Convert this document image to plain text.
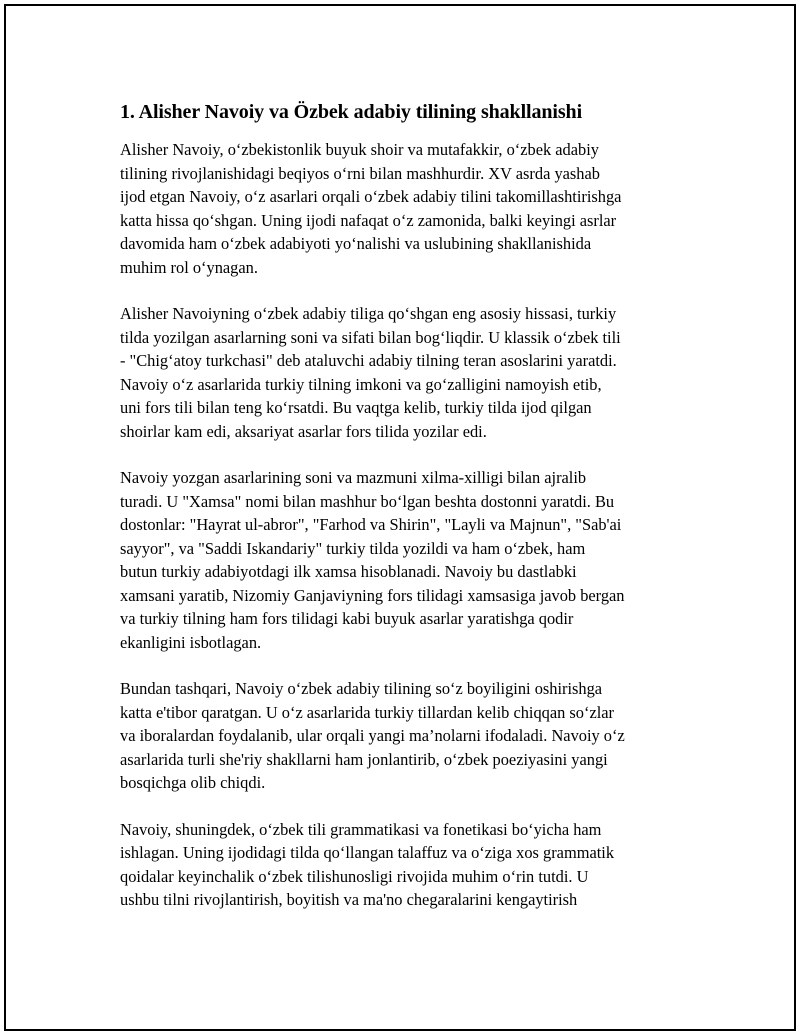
1. Alisher Navoiy va Özbek adabiy tilining shakllanishi

Alisher Navoiy, o‘zbekistonlik buyuk shoir va mutafakkir, o‘zbek adabiy
tilining rivojlanishidagi beqiyos o‘rni bilan mashhurdir. XV asrda yashab
ijod etgan Navoiy, o‘z asarlari orqali o‘zbek adabiy tilini takomillashtirishga
katta hissa qo‘shgan. Uning ijodi nafaqat o‘z zamonida, balki keyingi asrlar
davomida ham o‘zbek adabiyoti yo‘nalishi va uslubining shakllanishida
muhim rol o‘ynagan.

Alisher Navoiyning o‘zbek adabiy tiliga qo‘shgan eng asosiy hissasi, turkiy
tilda yozilgan asarlarning soni va sifati bilan bog‘liqdir. U klassik o‘zbek tili
- "Chig‘atoy turkchasi" deb ataluvchi adabiy tilning teran asoslarini yaratdi.
Navoiy o‘z asarlarida turkiy tilning imkoni va go‘zalligini namoyish etib,
uni fors tili bilan teng ko‘rsatdi. Bu vaqtga kelib, turkiy tilda ijod qilgan
shoirlar kam edi, aksariyat asarlar fors tilida yozilar edi.

Navoiy yozgan asarlarining soni va mazmuni xilma-xilligi bilan ajralib
turadi. U "Xamsa" nomi bilan mashhur bo‘lgan beshta dostonni yaratdi. Bu
dostonlar: "Hayrat ul-abror", "Farhod va Shirin", "Layli va Majnun", "Sab'ai
sayyor", va "Saddi Iskandariy" turkiy tilda yozildi va ham o‘zbek, ham
butun turkiy adabiyotdagi ilk xamsa hisoblanadi. Navoiy bu dastlabki
xamsani yaratib, Nizomiy Ganjaviyning fors tilidagi xamsasiga javob bergan
va turkiy tilning ham fors tilidagi kabi buyuk asarlar yaratishga qodir
ekanligini isbotlagan.

Bundan tashqari, Navoiy o‘zbek adabiy tilining so‘z boyiligini oshirishga
katta e'tibor qaratgan. U o‘z asarlarida turkiy tillardan kelib chiqqan so‘zlar
va iboralardan foydalanib, ular orqali yangi ma’nolarni ifodaladi. Navoiy o‘z
asarlarida turli she'riy shakllarni ham jonlantirib, o‘zbek poeziyasini yangi
bosqichga olib chiqdi.

Navoiy, shuningdek, o‘zbek tili grammatikasi va fonetikasi bo‘yicha ham
ishlagan. Uning ijodidagi tilda qo‘llangan talaffuz va o‘ziga xos grammatik
qoidalar keyinchalik o‘zbek tilishunosligi rivojida muhim o‘rin tutdi. U
ushbu tilni rivojlantirish, boyitish va ma'no chegaralarini kengaytirish
